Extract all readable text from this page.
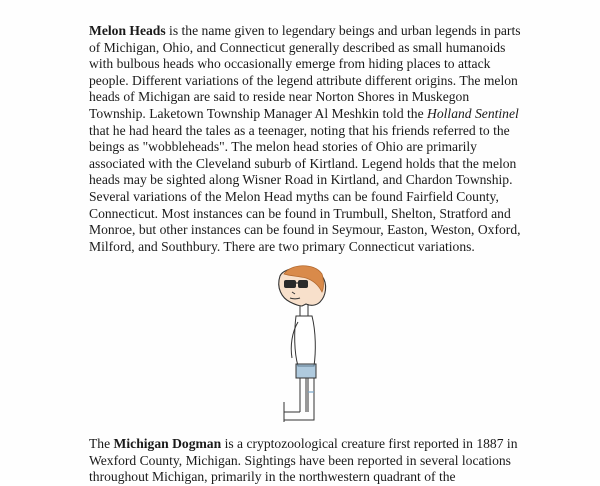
Melon Heads is the name given to legendary beings and urban legends in parts of Michigan, Ohio, and Connecticut generally described as small humanoids with bulbous heads who occasionally emerge from hiding places to attack people. Different variations of the legend attribute different origins. The melon heads of Michigan are said to reside near Norton Shores in Muskegon Township. Laketown Township Manager Al Meshkin told the Holland Sentinel that he had heard the tales as a teenager, noting that his friends referred to the beings as "wobbleheads". The melon head stories of Ohio are primarily associated with the Cleveland suburb of Kirtland. Legend holds that the melon heads may be sighted along Wisner Road in Kirtland, and Chardon Township. Several variations of the Melon Head myths can be found Fairfield County, Connecticut. Most instances can be found in Trumbull, Shelton, Stratford and Monroe, but other instances can be found in Seymour, Easton, Weston, Oxford, Milford, and Southbury. There are two primary Connecticut variations.

The Michigan Dogman is a cryptozoological creature first reported in 1887 in Wexford County, Michigan. Sightings have been reported in several locations throughout Michigan, primarily in the northwestern quadrant of the
